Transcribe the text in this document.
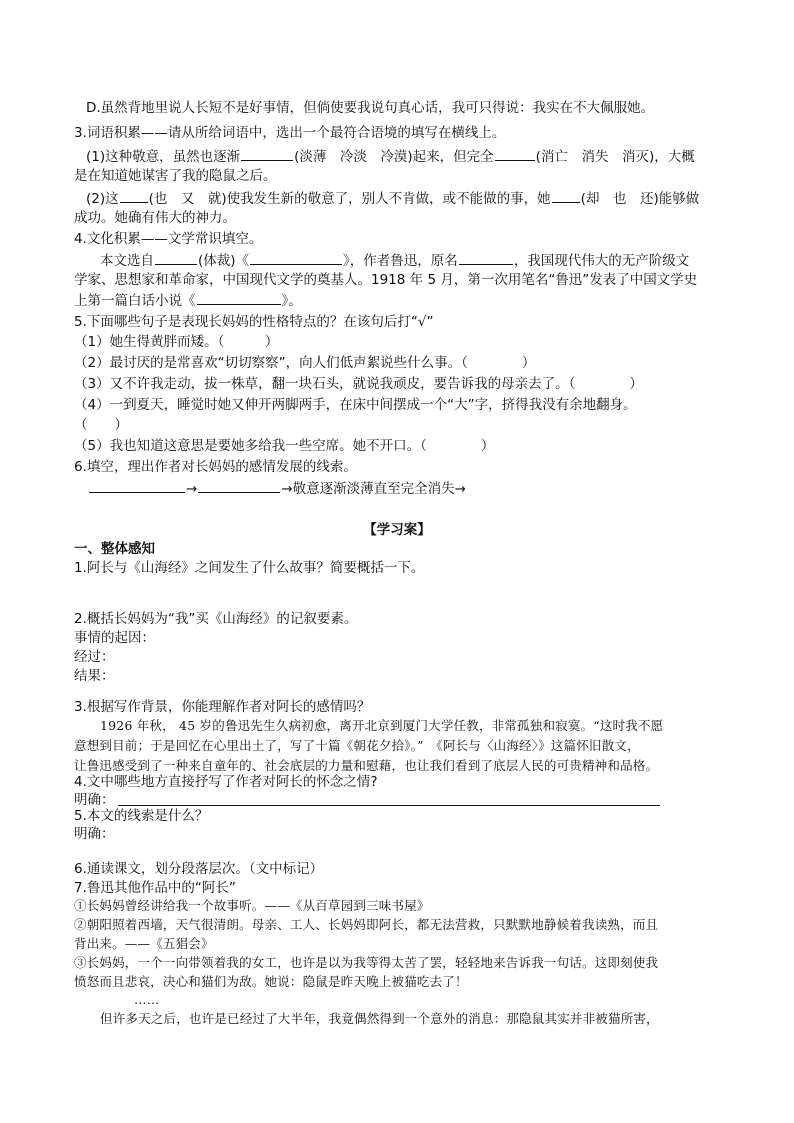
D.虽然背地里说人长短不是好事情，但倘使要我说句真心话，我可只得说：我实在不大佩服她。
3.词语积累——请从所给词语中，选出一个最符合语境的填写在横线上。
(1)这种敬意，虽然也逐渐	(淡薄　冷淡　冷漠)起来，但完全	(消亡　消失　消灭)，大概
是在知道她谋害了我的隐鼠之后。
(2)这 (也　又　就)使我发生新的敬意了，别人不肯做，或不能做的事，她 (却　也　还)能够做
成功。她确有伟大的神力。
4.文化积累——文学常识填空。
本文选自	(体裁)《	》，作者鲁迅，原名	，我国现代伟大的无产阶级文
学家、思想家和革命家，中国现代文学的奠基人。1918 年 5 月，第一次用笔名“鲁迅”发表了中国文学史
上第一篇白话小说《	》。
5.下面哪些句子是表现长妈妈的性格特点的？在该句后打“√”
（1）她生得黄胖而矮。（　　　）
（2）最讨厌的是常喜欢“切切察察”，向人们低声絮说些什么事。（　　　　）
（3）又不许我走动，拔一株草，翻一块石头，就说我顽皮，要告诉我的母亲去了。（　　　　）
（4）一到夏天，睡觉时她又伸开两脚两手，在床中间摆成一个“大”字，挤得我没有余地翻身。
（　　）
（5）我也知道这意思是要她多给我一些空席。她不开口。（　　　　）
6.填空，理出作者对长妈妈的感情发展的线索。
→	→敬意逐渐淡薄直至完全消失→
【学习案】
一、整体感知
1.阿长与《山海经》之间发生了什么故事？简要概括一下。
2.概括长妈妈为“我”买《山海经》的记叙要素。
事情的起因：
经过：
结果：
3.根据写作背景，你能理解作者对阿长的感情吗？
1926 年秋， 45 岁的鲁迅先生久病初愈，离开北京到厦门大学任教，非常孤独和寂寞。“这时我不愿
意想到目前；于是回忆在心里出土了，写了十篇《朝花夕拾》。”　《阿长与〈山海经〉》这篇怀旧散文，
让鲁迅感受到了一种来自童年的、社会底层的力量和慰藉，也让我们看到了底层人民的可贵精神和品格。
4.文中哪些地方直接抒写了作者对阿长的怀念之情?
明确：
5.本文的线索是什么？
明确：
6.通读课文，划分段落层次。（文中标记）
7.鲁迅其他作品中的“阿长”
①长妈妈曾经讲给我一个故事听。——《从百草园到三味书屋》
②朝阳照着西墙，天气很清朗。母亲、工人、长妈妈即阿长，都无法营救，只默默地静候着我读熟，而且
背出来。——《五猖会》
③长妈妈，一个一向带领着我的女工，也许是以为我等得太苦了罢，轻轻地来告诉我一句话。这即刻使我
愤怒而且悲哀，决心和猫们为敌。她说：隐鼠是昨天晚上被猫吃去了！
……
但许多天之后，也许是已经过了大半年，我竟偶然得到一个意外的消息：那隐鼠其实并非被猫所害，
